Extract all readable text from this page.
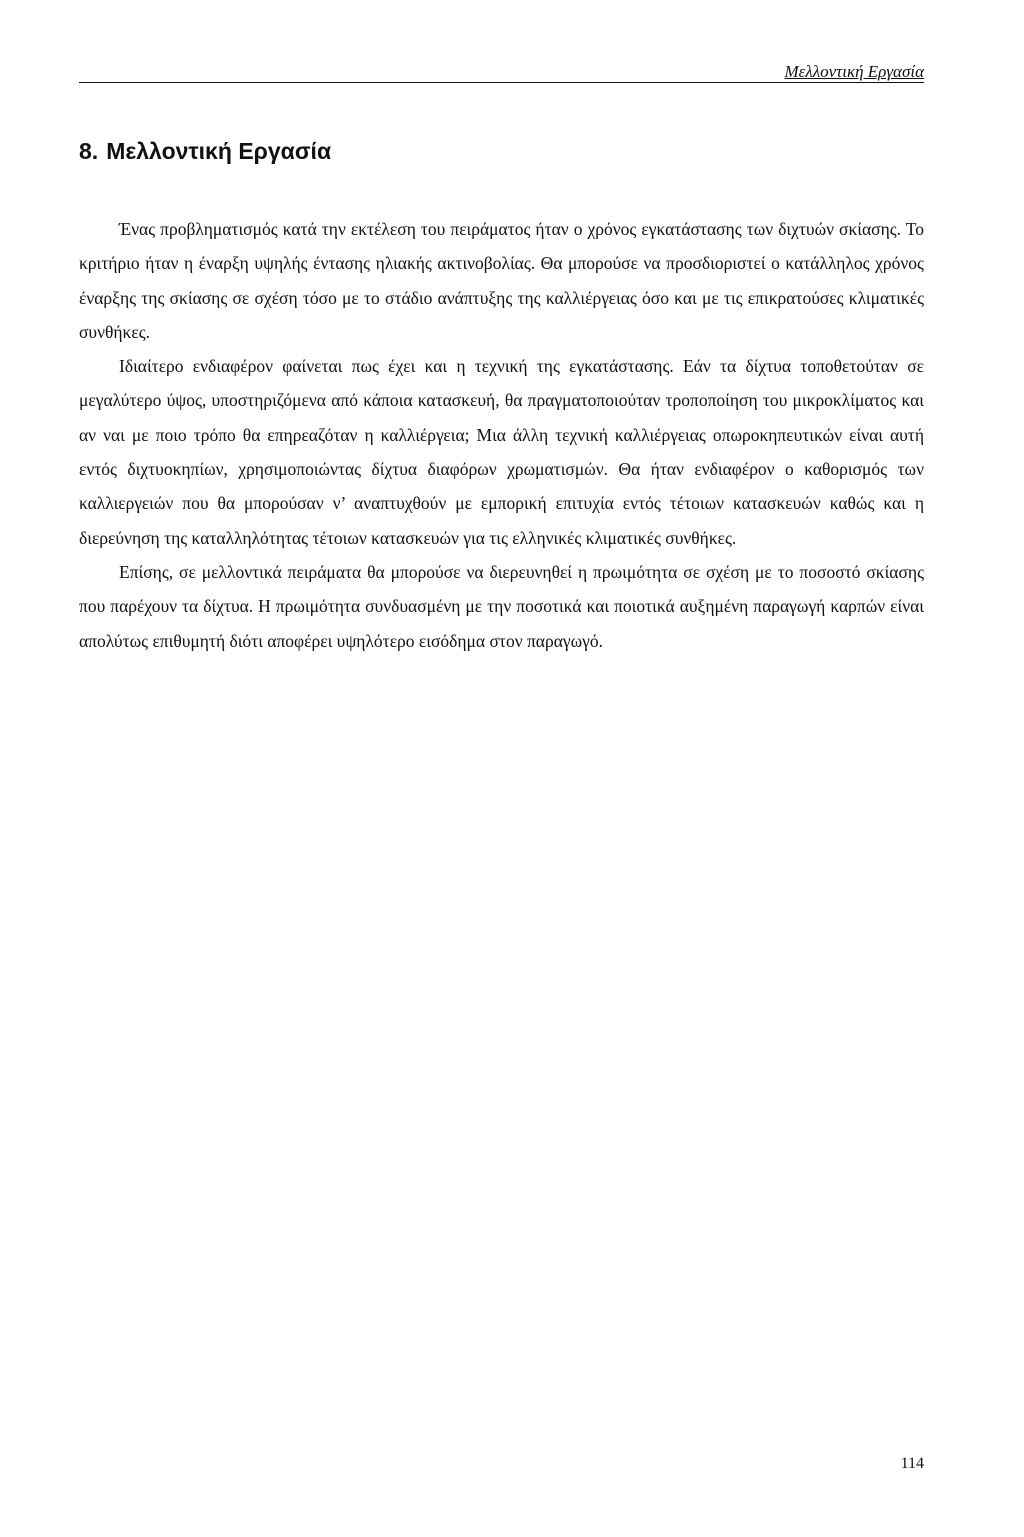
Μελλοντική Εργασία
8. Μελλοντική Εργασία

Ένας προβληματισμός κατά την εκτέλεση του πειράματος ήταν ο χρόνος εγκατάστασης των διχτυών σκίασης. Το κριτήριο ήταν η έναρξη υψηλής έντασης ηλιακής ακτινοβολίας. Θα μπορούσε να προσδιοριστεί ο κατάλληλος χρόνος έναρξης της σκίασης σε σχέση τόσο με το στάδιο ανάπτυξης της καλλιέργειας όσο και με τις επικρατούσες κλιματικές συνθήκες.

Ιδιαίτερο ενδιαφέρον φαίνεται πως έχει και η τεχνική της εγκατάστασης. Εάν τα δίχτυα τοποθετούταν σε μεγαλύτερο ύψος, υποστηριζόμενα από κάποια κατασκευή, θα πραγματοποιούταν τροποποίηση του μικροκλίματος και αν ναι με ποιο τρόπο θα επηρεαζόταν η καλλιέργεια; Μια άλλη τεχνική καλλιέργειας οπωροκηπευτικών είναι αυτή εντός διχτυοκηπίων, χρησιμοποιώντας δίχτυα διαφόρων χρωματισμών. Θα ήταν ενδιαφέρον ο καθορισμός των καλλιεργειών που θα μπορούσαν ν’ αναπτυχθούν με εμπορική επιτυχία εντός τέτοιων κατασκευών καθώς και η διερεύνηση της καταλληλότητας τέτοιων κατασκευών για τις ελληνικές κλιματικές συνθήκες.

Επίσης, σε μελλοντικά πειράματα θα μπορούσε να διερευνηθεί η πρωιμότητα σε σχέση με το ποσοστό σκίασης που παρέχουν τα δίχτυα. Η πρωιμότητα συνδυασμένη με την ποσοτικά και ποιοτικά αυξημένη παραγωγή καρπών είναι απολύτως επιθυμητή διότι αποφέρει υψηλότερο εισόδημα στον παραγωγό.

114
